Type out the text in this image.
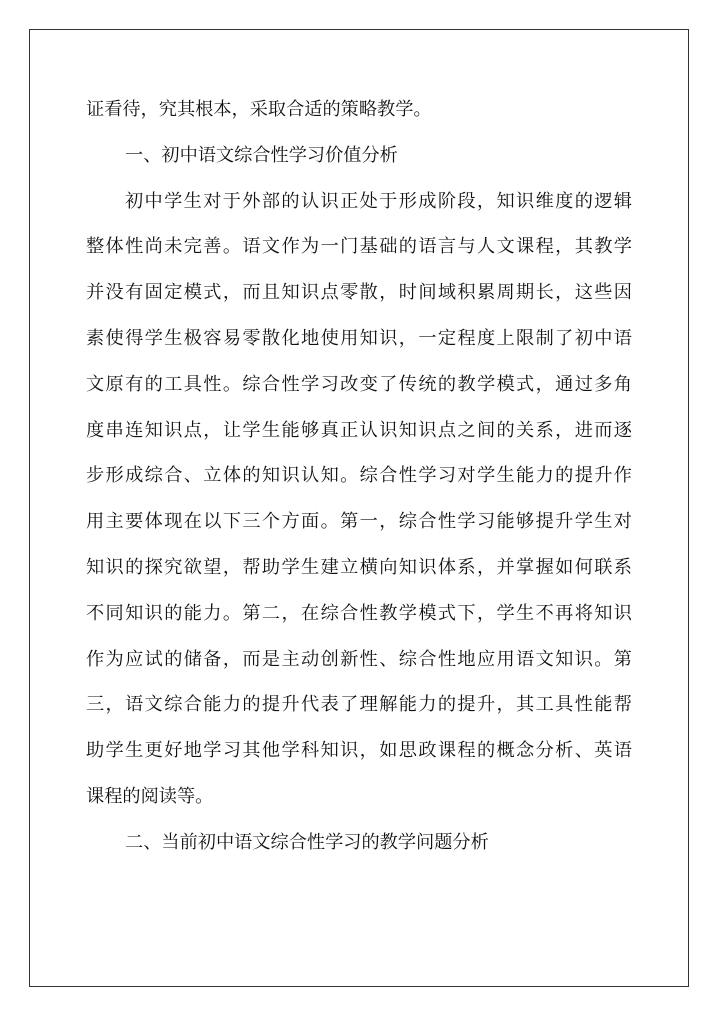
证看待，究其根本，采取合适的策略教学。
一、初中语文综合性学习价值分析
初中学生对于外部的认识正处于形成阶段，知识维度的逻辑
整体性尚未完善。语文作为一门基础的语言与人文课程，其教学
并没有固定模式，而且知识点零散，时间域积累周期长，这些因
素使得学生极容易零散化地使用知识，一定程度上限制了初中语
文原有的工具性。综合性学习改变了传统的教学模式，通过多角
度串连知识点，让学生能够真正认识知识点之间的关系，进而逐
步形成综合、立体的知识认知。综合性学习对学生能力的提升作
用主要体现在以下三个方面。第一，综合性学习能够提升学生对
知识的探究欲望，帮助学生建立横向知识体系，并掌握如何联系
不同知识的能力。第二，在综合性教学模式下，学生不再将知识
作为应试的储备，而是主动创新性、综合性地应用语文知识。第
三，语文综合能力的提升代表了理解能力的提升，其工具性能帮
助学生更好地学习其他学科知识，如思政课程的概念分析、英语
课程的阅读等。
二、当前初中语文综合性学习的教学问题分析
